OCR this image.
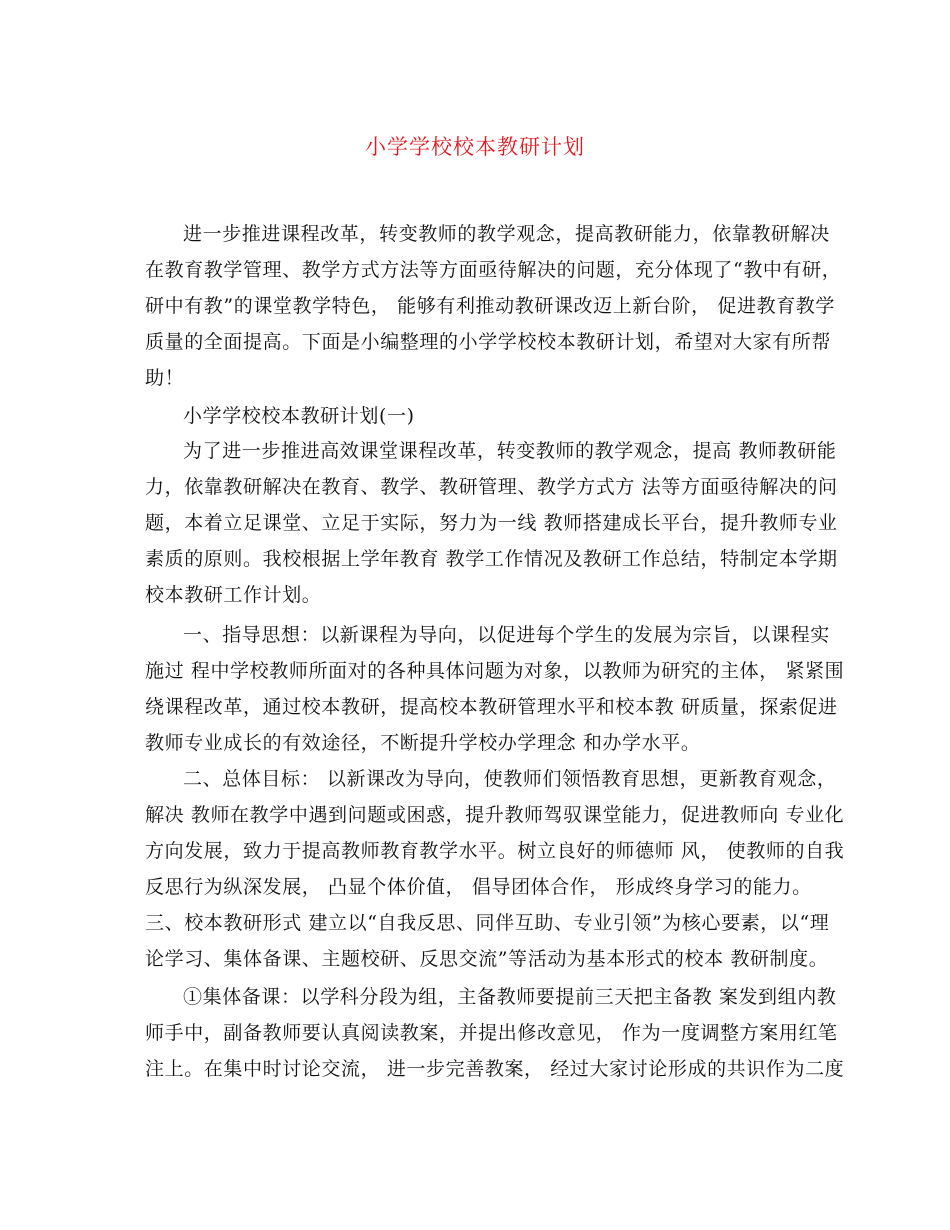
小学学校校本教研计划
进一步推进课程改革，转变教师的教学观念，提高教研能力，依靠教研解决
在教育教学管理、教学方式方法等方面亟待解决的问题，充分体现了“教中有研，
研中有教”的课堂教学特色， 能够有利推动教研课改迈上新台阶， 促进教育教学
质量的全面提高。下面是小编整理的小学学校校本教研计划，希望对大家有所帮
助！
小学学校校本教研计划(一)
为了进一步推进高效课堂课程改革，转变教师的教学观念，提高 教师教研能
力，依靠教研解决在教育、教学、教研管理、教学方式方 法等方面亟待解决的问
题，本着立足课堂、立足于实际，努力为一线 教师搭建成长平台，提升教师专业
素质的原则。我校根据上学年教育 教学工作情况及教研工作总结，特制定本学期
校本教研工作计划。
一、指导思想：以新课程为导向，以促进每个学生的发展为宗旨，以课程实
施过 程中学校教师所面对的各种具体问题为对象，以教师为研究的主体， 紧紧围
绕课程改革，通过校本教研，提高校本教研管理水平和校本教 研质量，探索促进
教师专业成长的有效途径，不断提升学校办学理念 和办学水平。
二、总体目标： 以新课改为导向，使教师们领悟教育思想，更新教育观念，
解决 教师在教学中遇到问题或困惑，提升教师驾驭课堂能力，促进教师向 专业化
方向发展，致力于提高教师教育教学水平。树立良好的师德师 风， 使教师的自我
反思行为纵深发展， 凸显个体价值， 倡导团体合作， 形成终身学习的能力。
三、校本教研形式 建立以“自我反思、同伴互助、专业引领”为核心要素，以“理
论学习、集体备课、主题校研、反思交流”等活动为基本形式的校本 教研制度。
①集体备课：以学科分段为组，主备教师要提前三天把主备教 案发到组内教
师手中，副备教师要认真阅读教案，并提出修改意见， 作为一度调整方案用红笔
注上。在集中时讨论交流， 进一步完善教案， 经过大家讨论形成的共识作为二度
